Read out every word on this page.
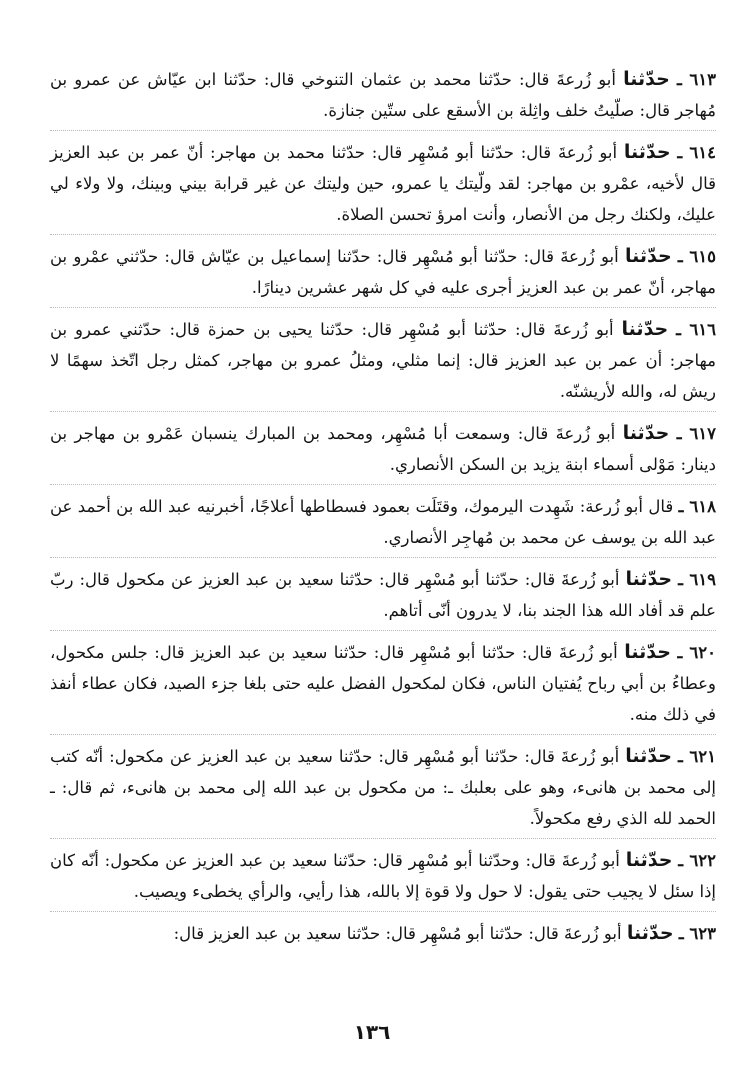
٦١٣ ـ حدّثنا أبو زُرعةَ قال: حدّثنا محمد بن عثمان التنوخي قال: حدّثنا ابن عيّاش عن عمرو بن مُهاجر قال: صلّيتُ خلف واثِلة بن الأسقع على ستّين جنازة.

٦١٤ ـ حدّثنا أبو زُرعةَ قال: حدّثنا أبو مُسْهِر قال: حدّثنا محمد بن مهاجر: أنّ عمر بن عبد العزيز قال لأخيه، عمْرو بن مهاجر: لقد ولّيتك يا عمرو، حين وليتك عن غير قرابة بيني وبينك، ولا ولاء لي عليك، ولكنك رجل من الأنصار، وأنت امرؤ تحسن الصلاة.

٦١٥ ـ حدّثنا أبو زُرعةَ قال: حدّثنا أبو مُسْهِر قال: حدّثنا إسماعيل بن عيّاش قال: حدّثني عمْرو بن مهاجر، أنّ عمر بن عبد العزيز أجرى عليه في كل شهر عشرين دينارًا.

٦١٦ ـ حدّثنا أبو زُرعةَ قال: حدّثنا أبو مُسْهِر قال: حدّثنا يحيى بن حمزة قال: حدّثني عمرو بن مهاجر: أن عمر بن عبد العزيز قال: إنما مثلي، ومثلُ عمرو بن مهاجر، كمثل رجل اتّخذ سهمًا لا ريش له، والله لأريشنّه.

٦١٧ ـ حدّثنا أبو زُرعةَ قال: وسمعت أبا مُسْهِر، ومحمد بن المبارك ينسبان عَمْرو بن مهاجر بن دينار: مَوْلى أسماء ابنة يزيد بن السكن الأنصاري.

٦١٨ ـ قال أبو زُرعة: شَهِدت اليرموك، وقتَلَت بعمود فسطاطها أعلاجًا، أخبرنيه عبد الله بن أحمد عن عبد الله بن يوسف عن محمد بن مُهاجِر الأنصاري.

٦١٩ ـ حدّثنا أبو زُرعةَ قال: حدّثنا أبو مُسْهِر قال: حدّثنا سعيد بن عبد العزيز عن مكحول قال: ربّ علم قد أفاد الله هذا الجند بنا، لا يدرون أنّى أتاهم.

٦٢٠ ـ حدّثنا أبو زُرعةَ قال: حدّثنا أبو مُسْهِر قال: حدّثنا سعيد بن عبد العزيز قال: جلس مكحول، وعطاءُ بن أبي رباح يُفتيان الناس، فكان لمكحول الفضل عليه حتى بلغا جزء الصيد، فكان عطاء أنفذ في ذلك منه.

٦٢١ ـ حدّثنا أبو زُرعةَ قال: حدّثنا أبو مُسْهِر قال: حدّثنا سعيد بن عبد العزيز عن مكحول: أنّه كتب إلى محمد بن هانىء، وهو على بعلبك ـ: من مكحول بن عبد الله إلى محمد بن هانىء، ثم قال: ـ الحمد لله الذي رفع مكحولاً.

٦٢٢ ـ حدّثنا أبو زُرعةَ قال: وحدّثنا أبو مُسْهِر قال: حدّثنا سعيد بن عبد العزيز عن مكحول: أنّه كان إذا سئل لا يجيب حتى يقول: لا حول ولا قوة إلا بالله، هذا رأيي، والرأي يخطىء ويصيب.

٦٢٣ ـ حدّثنا أبو زُرعةَ قال: حدّثنا أبو مُسْهِر قال: حدّثنا سعيد بن عبد العزيز قال:

١٣٦
